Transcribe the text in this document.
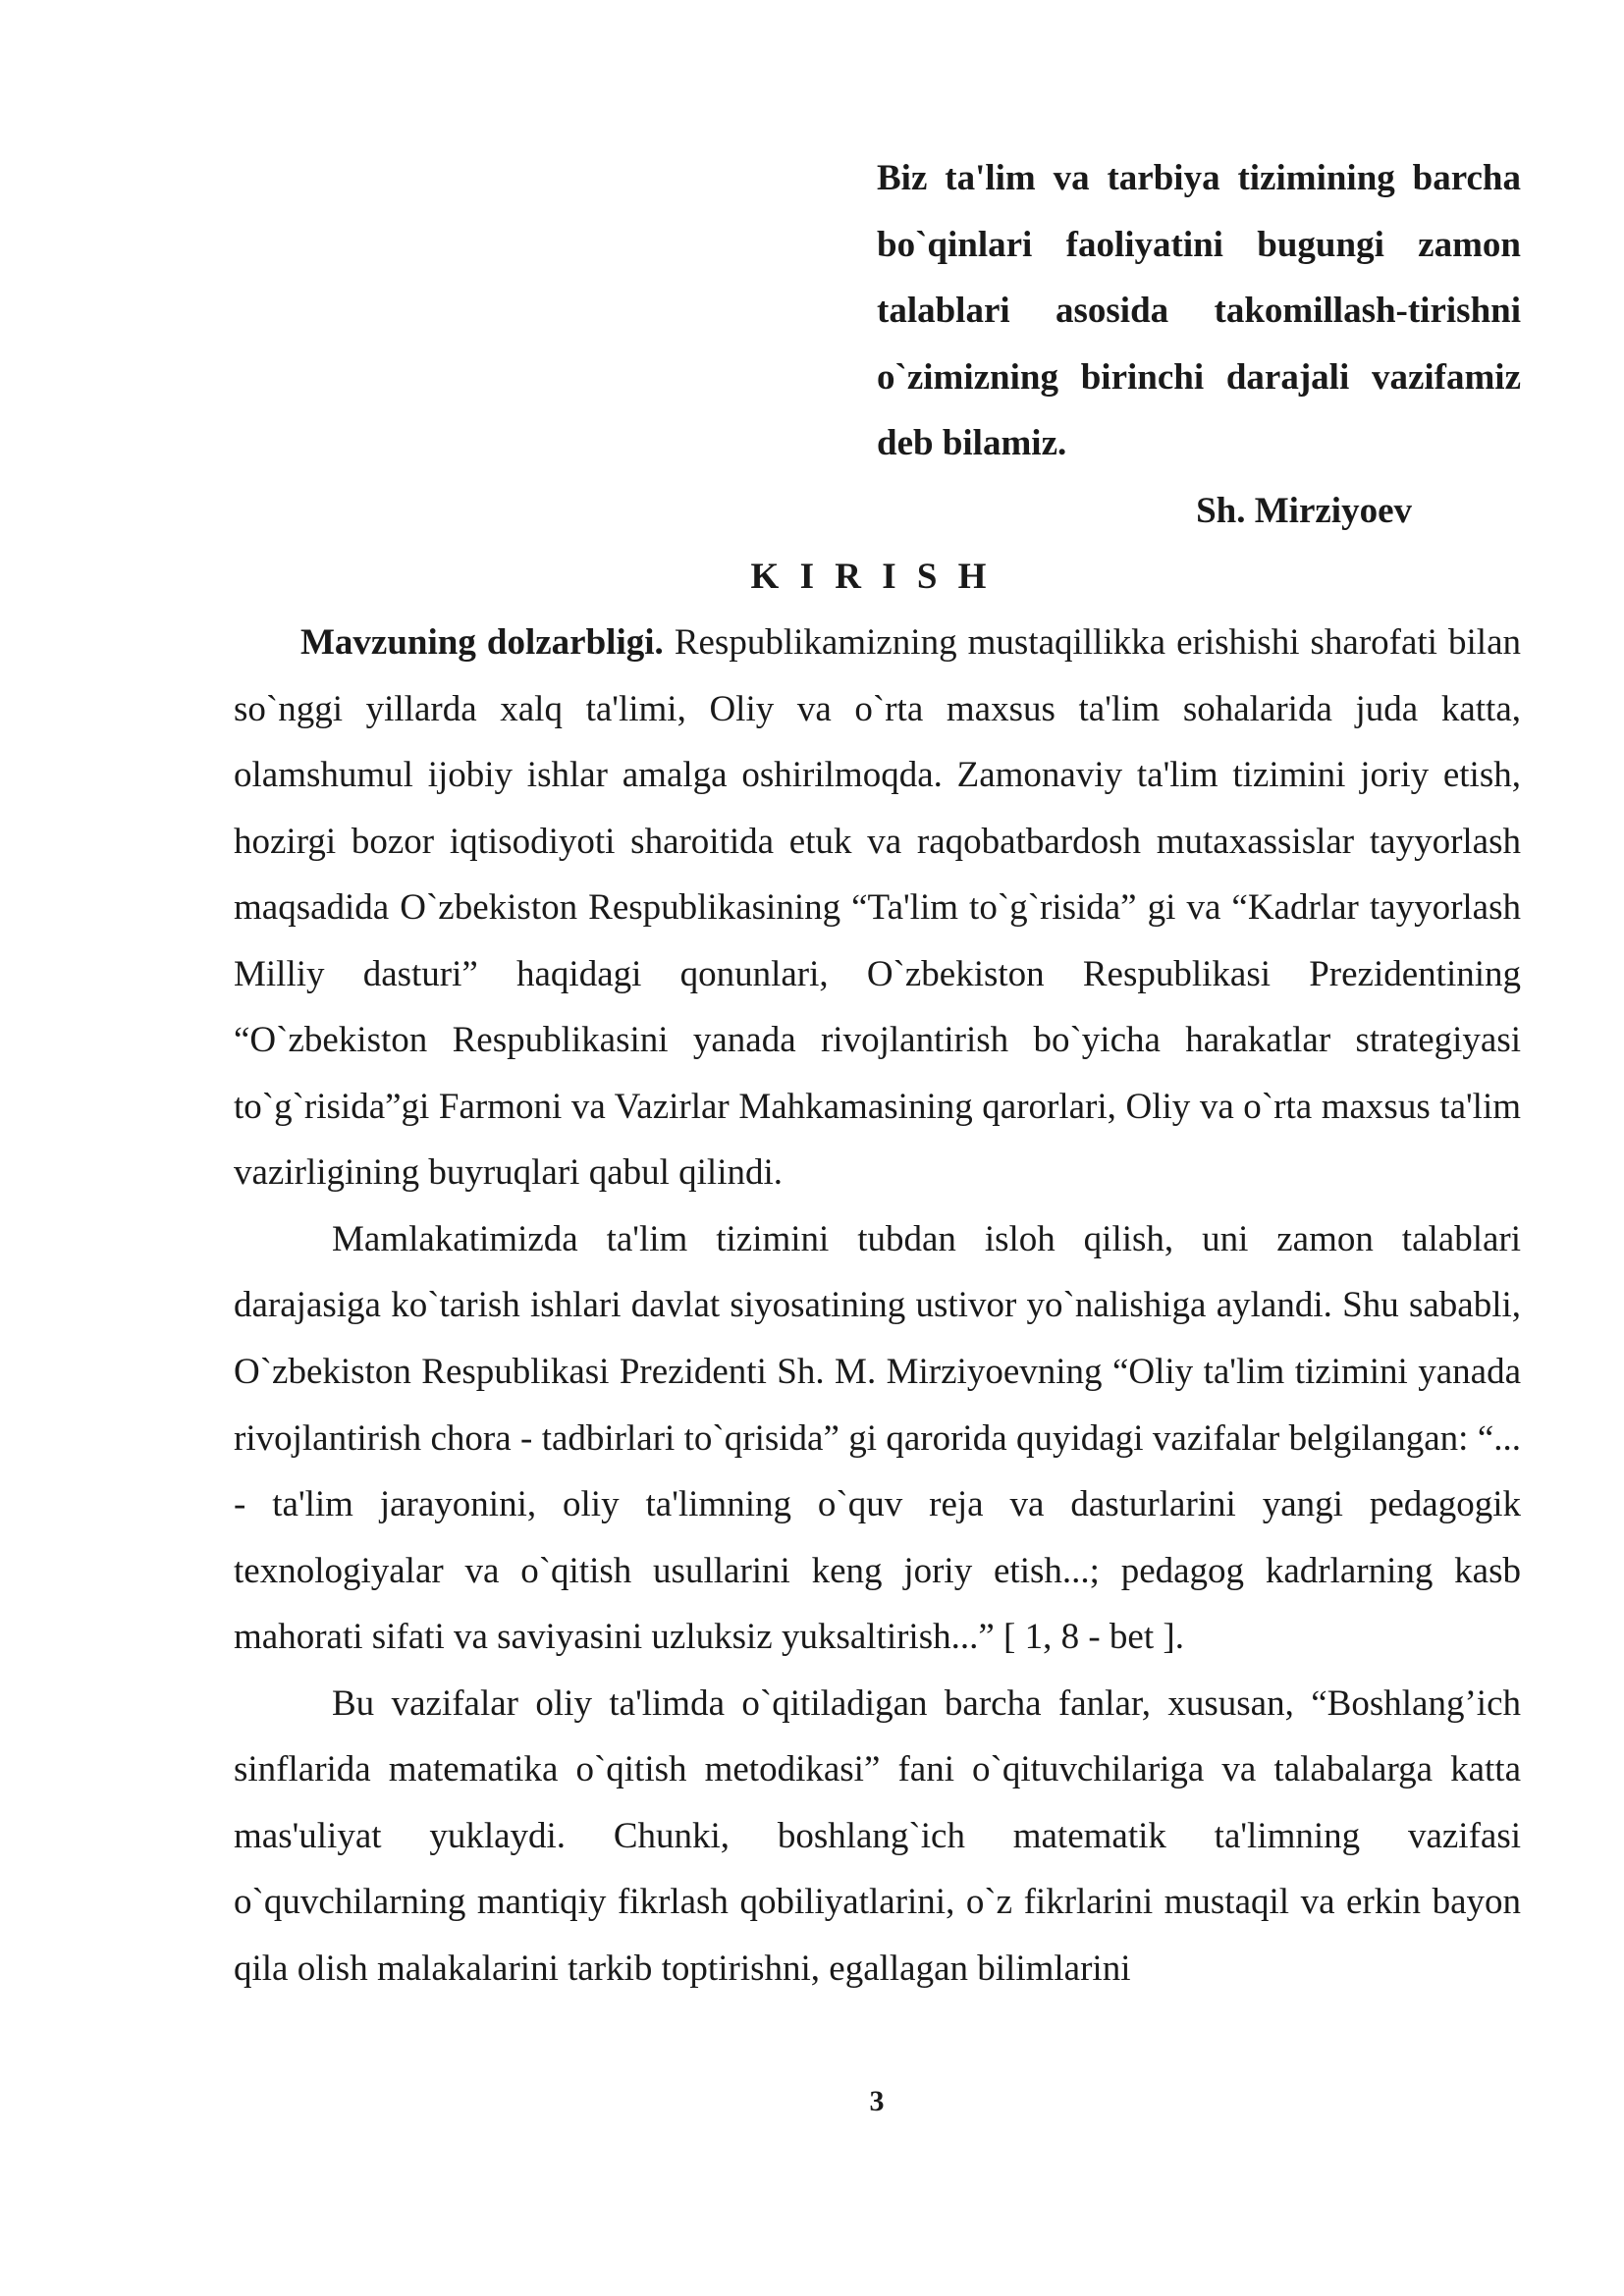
Biz ta'lim va tarbiya tizimining barcha bo`qinlari faoliyatini bugungi zamon talablari asosida takomillash-tirishni o`zimizning birinchi darajali vazifamiz deb bilamiz.
Sh. Mirziyoev
K I R I S H

Mavzuning dolzarbligi. Respublikamizning mustaqillikka erishishi sharofati bilan so`nggi yillarda xalq ta'limi, Oliy va o`rta maxsus ta'lim sohalarida juda katta, olamshumul ijobiy ishlar amalga oshirilmoqda. Zamonaviy ta'lim tizimini joriy etish, hozirgi bozor iqtisodiyoti sharoitida etuk va raqobatbardosh mutaxassislar tayyorlash maqsadida O`zbekiston Respublikasining “Ta'lim to`g`risida” gi va “Kadrlar tayyorlash Milliy dasturi” haqidagi qonunlari, O`zbekiston Respublikasi Prezidentining “O`zbekiston Respublikasini yanada rivojlantirish bo`yicha harakatlar strategiyasi to`g`risida”gi Farmoni va Vazirlar Mahkamasining qarorlari, Oliy va o`rta maxsus ta'lim vazirligining buyruqlari qabul qilindi.

Mamlakatimizda ta'lim tizimini tubdan isloh qilish, uni zamon talablari darajasiga ko`tarish ishlari davlat siyosatining ustivor yo`nalishiga aylandi. Shu sababli, O`zbekiston Respublikasi Prezidenti Sh. M. Mirziyoevning “Oliy ta'lim tizimini yanada rivojlantirish chora - tadbirlari to`qrisida” gi qarorida quyidagi vazifalar belgilangan: “... - ta'lim jarayonini, oliy ta'limning o`quv reja va dasturlarini yangi pedagogik texnologiyalar va o`qitish usullarini keng joriy etish...; pedagog kadrlarning kasb mahorati sifati va saviyasini uzluksiz yuksaltirish...” [ 1, 8 - bet ].

Bu vazifalar oliy ta'limda o`qitiladigan barcha fanlar, xususan, “Boshlang’ich sinflarida matematika o`qitish metodikasi” fani o`qituvchilariga va talabalarga katta mas'uliyat yuklaydi. Chunki, boshlang`ich matematik ta'limning vazifasi o`quvchilarning mantiqiy fikrlash qobiliyatlarini, o`z fikrlarini mustaqil va erkin bayon qila olish malakalarini tarkib toptirishni, egallagan bilimlarini

3
